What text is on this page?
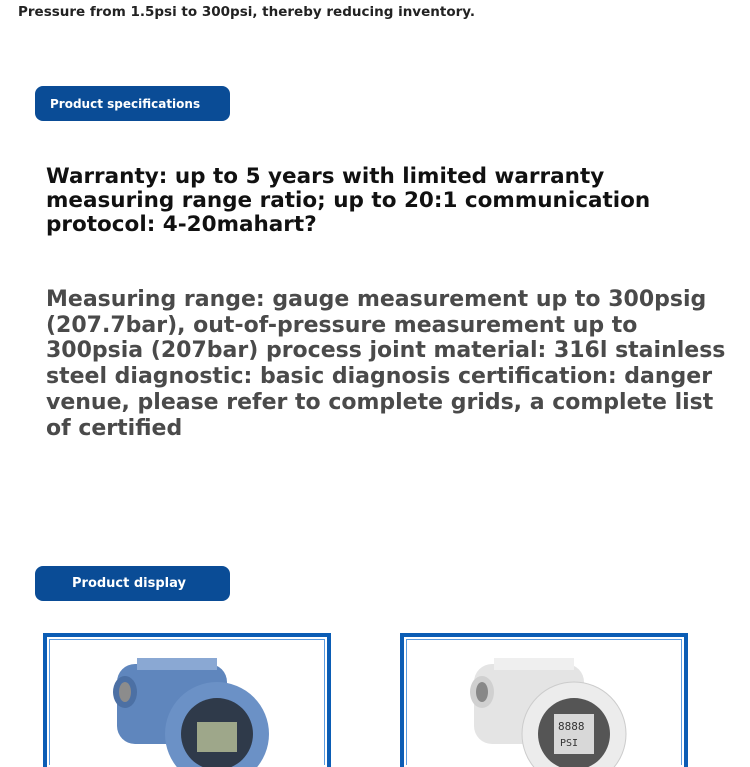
Pressure from 1.5psi to 300psi, thereby reducing inventory.
Product specifications
Warranty: up to 5 years with limited warranty measuring range ratio; up to 20:1 communication protocol: 4-20mahart?
Measuring range: gauge measurement up to 300psig (207.7bar), out-of-pressure measurement up to 300psia (207bar) process joint material: 316l stainless steel diagnostic: basic diagnosis certification: danger venue, please refer to complete grids, a complete list of certified
Product display
8888
PSI
